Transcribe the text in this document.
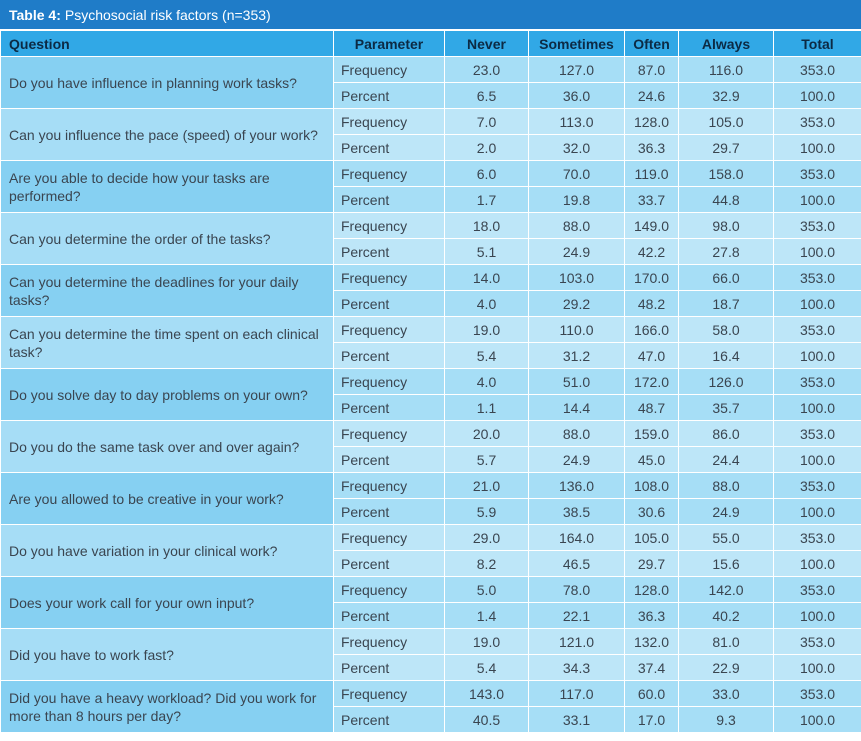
Table 4: Psychosocial risk factors (n=353)
Question	Parameter	Never	Sometimes	Often	Always	Total
Do you have influence in planning work tasks?	Frequency	23.0	127.0	87.0	116.0	353.0
	Percent	6.5	36.0	24.6	32.9	100.0
Can you influence the pace (speed) of your work?	Frequency	7.0	113.0	128.0	105.0	353.0
	Percent	2.0	32.0	36.3	29.7	100.0
Are you able to decide how your tasks are performed?	Frequency	6.0	70.0	119.0	158.0	353.0
	Percent	1.7	19.8	33.7	44.8	100.0
Can you determine the order of the tasks?	Frequency	18.0	88.0	149.0	98.0	353.0
	Percent	5.1	24.9	42.2	27.8	100.0
Can you determine the deadlines for your daily tasks?	Frequency	14.0	103.0	170.0	66.0	353.0
	Percent	4.0	29.2	48.2	18.7	100.0
Can you determine the time spent on each clinical task?	Frequency	19.0	110.0	166.0	58.0	353.0
	Percent	5.4	31.2	47.0	16.4	100.0
Do you solve day to day problems on your own?	Frequency	4.0	51.0	172.0	126.0	353.0
	Percent	1.1	14.4	48.7	35.7	100.0
Do you do the same task over and over again?	Frequency	20.0	88.0	159.0	86.0	353.0
	Percent	5.7	24.9	45.0	24.4	100.0
Are you allowed to be creative in your work?	Frequency	21.0	136.0	108.0	88.0	353.0
	Percent	5.9	38.5	30.6	24.9	100.0
Do you have variation in your clinical work?	Frequency	29.0	164.0	105.0	55.0	353.0
	Percent	8.2	46.5	29.7	15.6	100.0
Does your work call for your own input?	Frequency	5.0	78.0	128.0	142.0	353.0
	Percent	1.4	22.1	36.3	40.2	100.0
Did you have to work fast?	Frequency	19.0	121.0	132.0	81.0	353.0
	Percent	5.4	34.3	37.4	22.9	100.0
Did you have a heavy workload? Did you work for more than 8 hours per day?	Frequency	143.0	117.0	60.0	33.0	353.0
	Percent	40.5	33.1	17.0	9.3	100.0
